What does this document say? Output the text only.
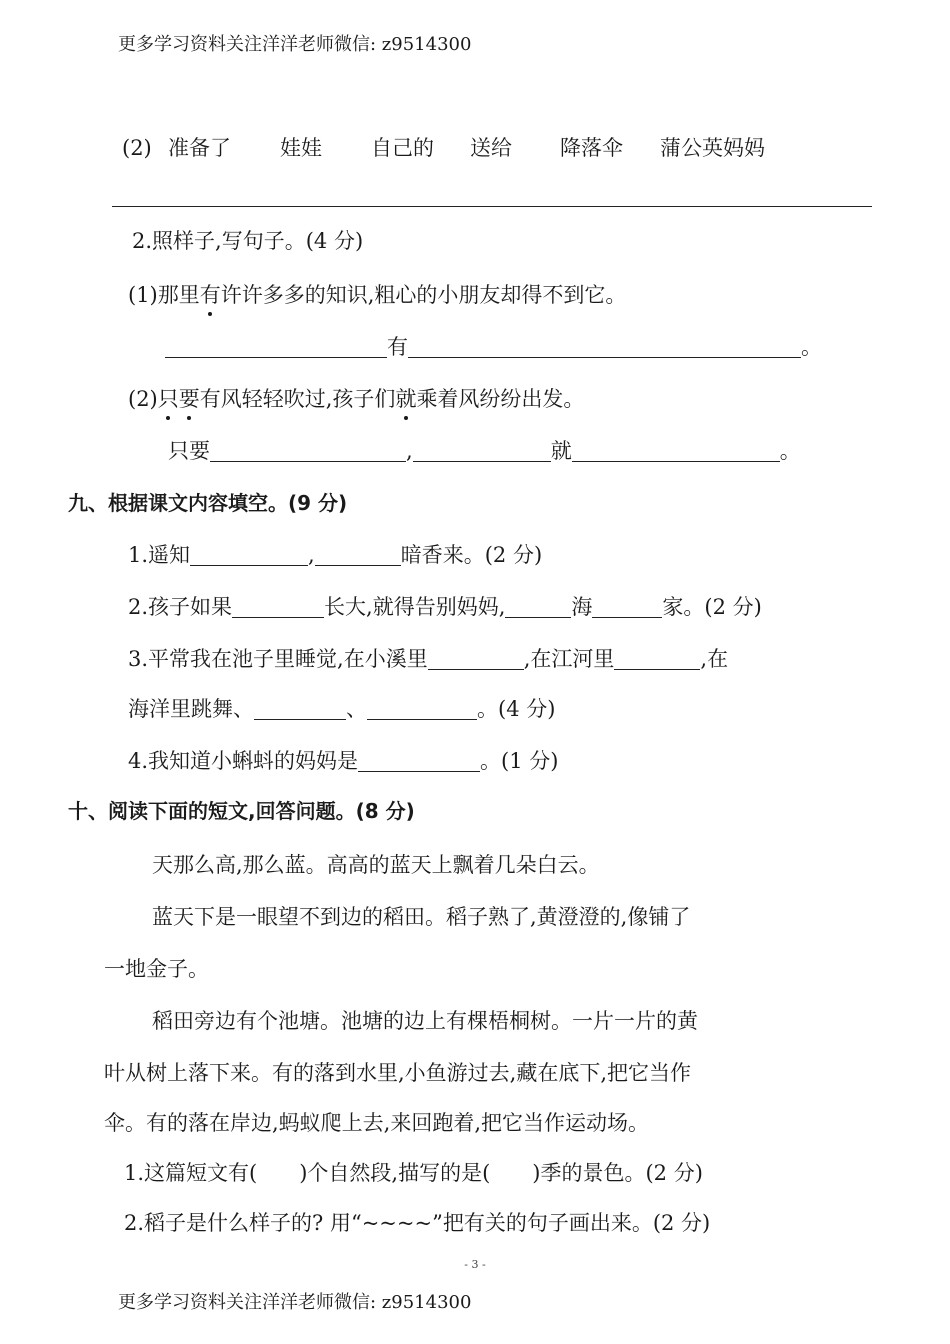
更多学习资料关注洋洋老师微信: z9514300
(2) 准备了 娃娃 自己的 送给 降落伞 蒲公英妈妈
2.照样子,写句子。(4 分)
(1)那里有许许多多的知识,粗心的小朋友却得不到它。
有	。
(2)只要有风轻轻吹过,孩子们就乘着风纷纷出发。
只要	,	就	。
九、根据课文内容填空。(9 分)
1.遥知	,	暗香来。(2 分)
2.孩子如果	长大,就得告别妈妈,	海	家。(2 分)
3.平常我在池子里睡觉,在小溪里	,在江河里	,在
海洋里跳舞、	、	。(4 分)
4.我知道小蝌蚪的妈妈是	。(1 分)
十、阅读下面的短文,回答问题。(8 分)
天那么高,那么蓝。高高的蓝天上飘着几朵白云。
蓝天下是一眼望不到边的稻田。稻子熟了,黄澄澄的,像铺了
一地金子。
稻田旁边有个池塘。池塘的边上有棵梧桐树。一片一片的黄
叶从树上落下来。有的落到水里,小鱼游过去,藏在底下,把它当作
伞。有的落在岸边,蚂蚁爬上去,来回跑着,把它当作运动场。
1.这篇短文有(　　)个自然段,描写的是(　　)季的景色。(2 分)
2.稻子是什么样子的? 用“~~~~”把有关的句子画出来。(2 分)
- 3 -
更多学习资料关注洋洋老师微信: z9514300
